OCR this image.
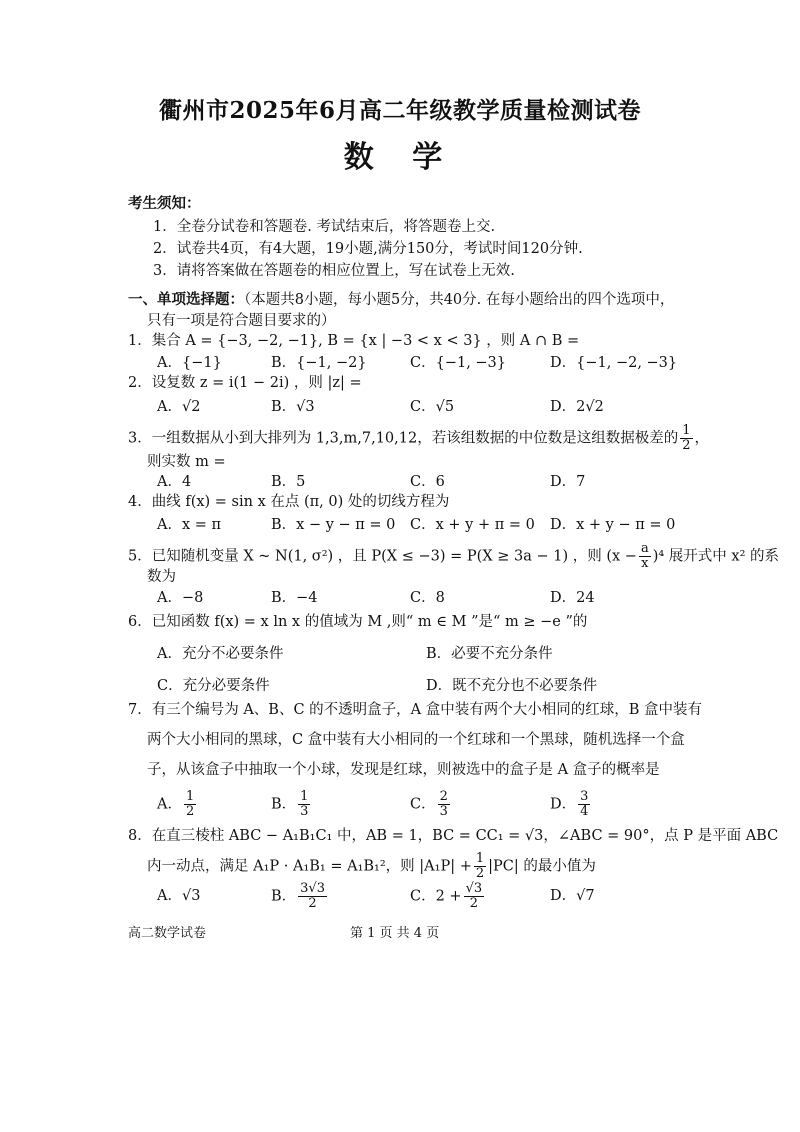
衢州市2025年6月高二年级教学质量检测试卷
数 学
考生须知：
1．全卷分试卷和答题卷. 考试结束后，将答题卷上交.
2．试卷共4页，有4大题，19小题,满分150分，考试时间120分钟.
3．请将答案做在答题卷的相应位置上，写在试卷上无效.
一、单项选择题：（本题共8小题，每小题5分，共40分. 在每小题给出的四个选项中，
只有一项是符合题目要求的）
1．集合 A = {−3, −2, −1}, B = {x | −3 < x < 3} ，则 A ∩ B =
A．{−1}	B．{−1, −2}	C．{−1, −3}	D．{−1, −2, −3}
2．设复数 z = i(1 − 2i) ，则 |z| =
A．√2	B．√3	C．√5	D．2√2
3．一组数据从小到大排列为 1,3,m,7,10,12，若该组数据的中位数是这组数据极差的 $\frac{1}{2}$ ，
则实数 m =
A．4	B．5	C．6	D．7
4．曲线 f(x) = sin x 在点 (π, 0) 处的切线方程为
A．x = π	B．x − y − π = 0 C．x + y + π = 0 D．x + y − π = 0
5．已知随机变量 X ~ N(1, σ²) ，且 P(X ≤ −3) = P(X ≥ 3a − 1) ，则 $(x - \frac{a}{x} )^4$ 展开式中 x² 的系
数为
A．−8	B．−4	C．8	D．24
6．已知函数 f(x) = x ln x 的值域为 M ,则“ m ∈ M ”是“ m ≥ −e ”的
A．充分不必要条件	B．必要不充分条件
C．充分必要条件	D．既不充分也不必要条件
7．有三个编号为 A、B、C 的不透明盒子，A 盒中装有两个大小相同的红球，B 盒中装有
两个大小相同的黑球，C 盒中装有大小相同的一个红球和一个黑球，随机选择一个盒
子，从该盒子中抽取一个小球，发现是红球，则被选中的盒子是 A 盒子的概率是
A． $\frac{1}{2}$	B． $\frac{1}{3}$	C． $\frac{2}{3}$	D． $\frac{3}{4}$
8．在直三棱柱 ABC − A₁B₁C₁ 中，AB = 1，BC = CC₁ = √3，∠ABC = 90°，点 P 是平面 ABC
内一动点，满足 A₁P · A₁B₁ = A₁B₁²，则 $|A_1P| + \frac{1}{2} |PC|$ 的最小值为
A．√3	B． $\frac{3√3}{2}$	C．$2 + \frac{√3}{2}$	D．√7
高二数学试卷	第 1 页 共 4 页
